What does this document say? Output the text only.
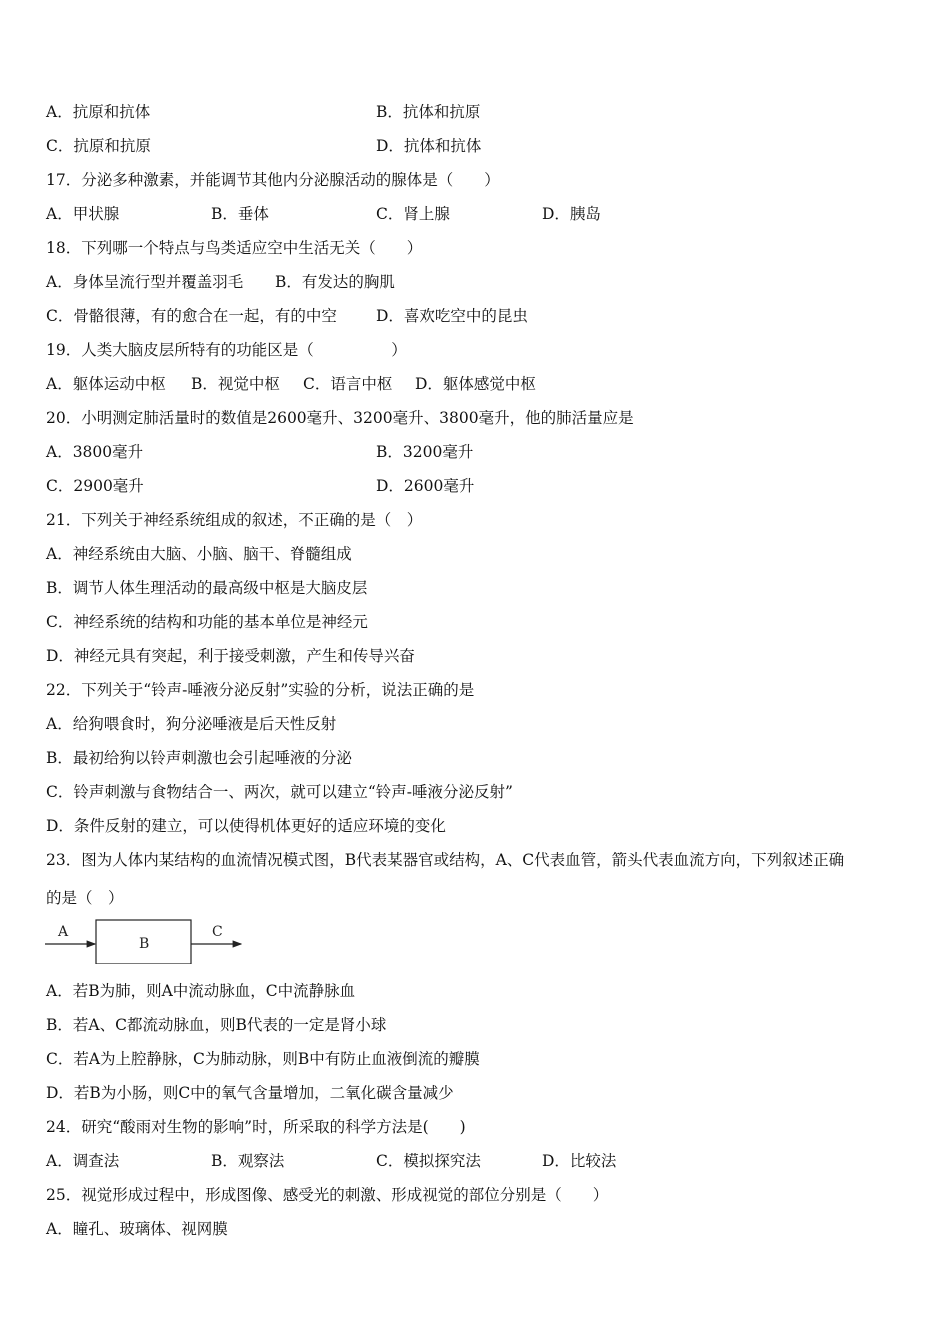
A．抗原和抗体	B．抗体和抗原
C．抗原和抗原	D．抗体和抗体
17．分泌多种激素，并能调节其他内分泌腺活动的腺体是（　　）
A．甲状腺	B．垂体	C．肾上腺	D．胰岛
18．下列哪一个特点与鸟类适应空中生活无关（　　）
A．身体呈流行型并覆盖羽毛 B．有发达的胸肌
C．骨骼很薄，有的愈合在一起，有的中空	D．喜欢吃空中的昆虫
19．人类大脑皮层所特有的功能区是（　　　　　）
A．躯体运动中枢 B．视觉中枢 C．语言中枢 D．躯体感觉中枢
20．小明测定肺活量时的数值是2600毫升、3200毫升、3800毫升，他的肺活量应是
A．3800毫升	B．3200毫升
C．2900毫升	D．2600毫升
21．下列关于神经系统组成的叙述，不正确的是（　）
A．神经系统由大脑、小脑、脑干、脊髓组成
B．调节人体生理活动的最高级中枢是大脑皮层
C．神经系统的结构和功能的基本单位是神经元
D．神经元具有突起，利于接受刺激，产生和传导兴奋
22．下列关于“铃声-唾液分泌反射”实验的分析，说法正确的是
A．给狗喂食时，狗分泌唾液是后天性反射
B．最初给狗以铃声刺激也会引起唾液的分泌
C．铃声刺激与食物结合一、两次，就可以建立“铃声-唾液分泌反射”
D．条件反射的建立，可以使得机体更好的适应环境的变化
23．图为人体内某结构的血流情况模式图，B代表某器官或结构，A、C代表血管，箭头代表血流方向，下列叙述正确
的是（　）
A
B
C
A．若B为肺，则A中流动脉血，C中流静脉血
B．若A、C都流动脉血，则B代表的一定是肾小球
C．若A为上腔静脉，C为肺动脉，则B中有防止血液倒流的瓣膜
D．若B为小肠，则C中的氧气含量增加，二氧化碳含量减少
24．研究“酸雨对生物的影响”时，所采取的科学方法是(　　)
A．调查法	B．观察法	C．模拟探究法	D．比较法
25．视觉形成过程中，形成图像、感受光的刺激、形成视觉的部位分别是（　　）
A．瞳孔、玻璃体、视网膜
